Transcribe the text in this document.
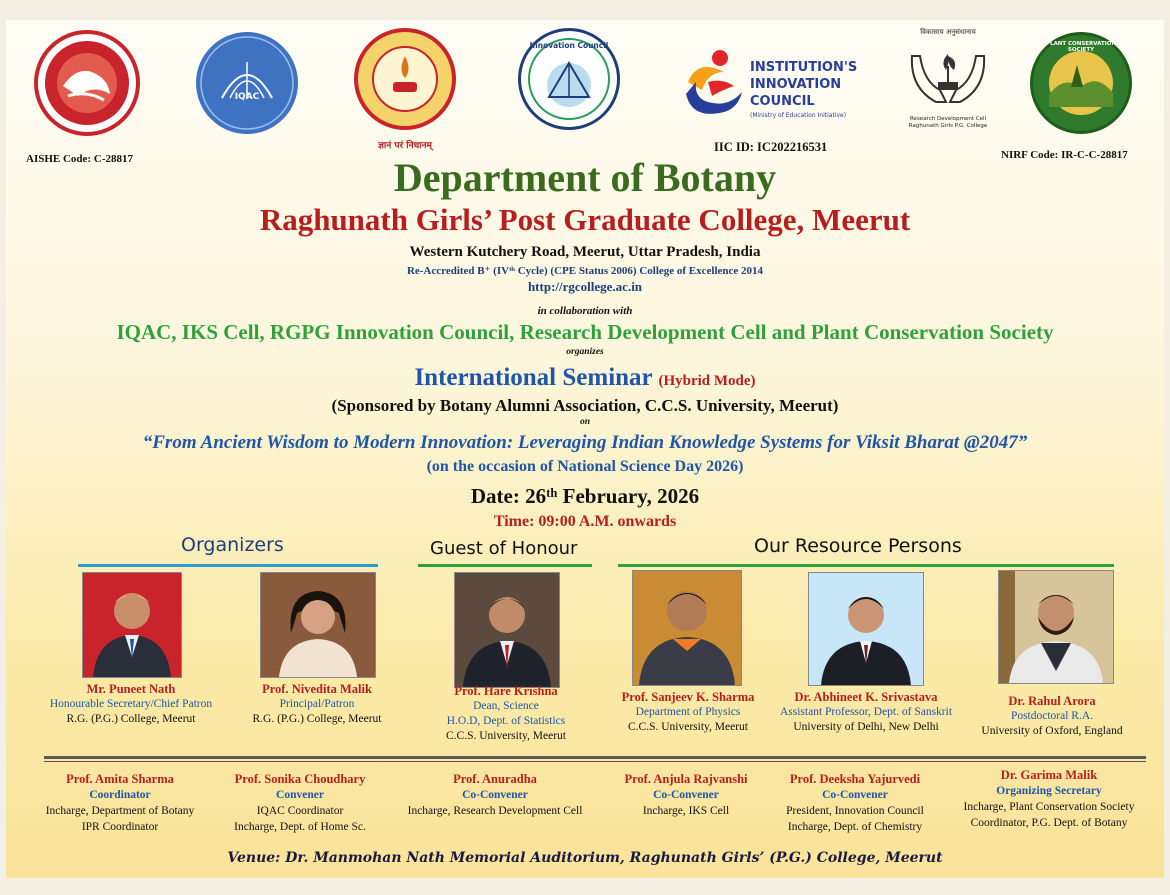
IQAC
ज्ञानं परं निधानम्
Innovation Council
INSTITUTION'S
INNOVATION
COUNCIL
(Ministry of Education Initiative)
विकासाय अनुसंधानाय
Research Development Cell Raghunath Girls P.G. College
PLANT CONSERVATION SOCIETY
AISHE Code: C-28817
IIC ID: IC202216531
NIRF Code: IR-C-C-28817
Department of Botany
Raghunath Girls’ Post Graduate College, Meerut
Western Kutchery Road, Meerut, Uttar Pradesh, India
Re-Accredited B⁺ (IVᵗʰ Cycle) (CPE Status 2006) College of Excellence 2014
http://rgcollege.ac.in
in collaboration with
IQAC, IKS Cell, RGPG Innovation Council, Research Development Cell and Plant Conservation Society
organizes
International Seminar (Hybrid Mode)
(Sponsored by Botany Alumni Association, C.C.S. University, Meerut)
on
“From Ancient Wisdom to Modern Innovation: Leveraging Indian Knowledge Systems for Viksit Bharat @2047”
(on the occasion of National Science Day 2026)
Date: 26ᵗʰ February, 2026
Time: 09:00 A.M. onwards
Organizers	Guest of Honour	Our Resource Persons
Mr. Puneet Nath
Honourable Secretary/Chief Patron
R.G. (P.G.) College, Meerut
Prof. Nivedita Malik
Principal/Patron
R.G. (P.G.) College, Meerut
Prof. Hare Krishna
Dean, Science
H.O.D, Dept. of Statistics
C.C.S. University, Meerut
Prof. Sanjeev K. Sharma
Department of Physics
C.C.S. University, Meerut
Dr. Abhineet K. Srivastava
Assistant Professor, Dept. of Sanskrit
University of Delhi, New Delhi
Dr. Rahul Arora
Postdoctoral R.A.
University of Oxford, England
Prof. Amita Sharma
Coordinator
Incharge, Department of Botany
IPR Coordinator
Prof. Sonika Choudhary
Convener
IQAC Coordinator
Incharge, Dept. of Home Sc.
Prof. Anuradha
Co-Convener
Incharge, Research Development Cell
Prof. Anjula Rajvanshi
Co-Convener
Incharge, IKS Cell
Prof. Deeksha Yajurvedi
Co-Convener
President, Innovation Council
Incharge, Dept. of Chemistry
Dr. Garima Malik
Organizing Secretary
Incharge, Plant Conservation Society
Coordinator, P.G. Dept. of Botany
Venue: Dr. Manmohan Nath Memorial Auditorium, Raghunath Girls’ (P.G.) College, Meerut
